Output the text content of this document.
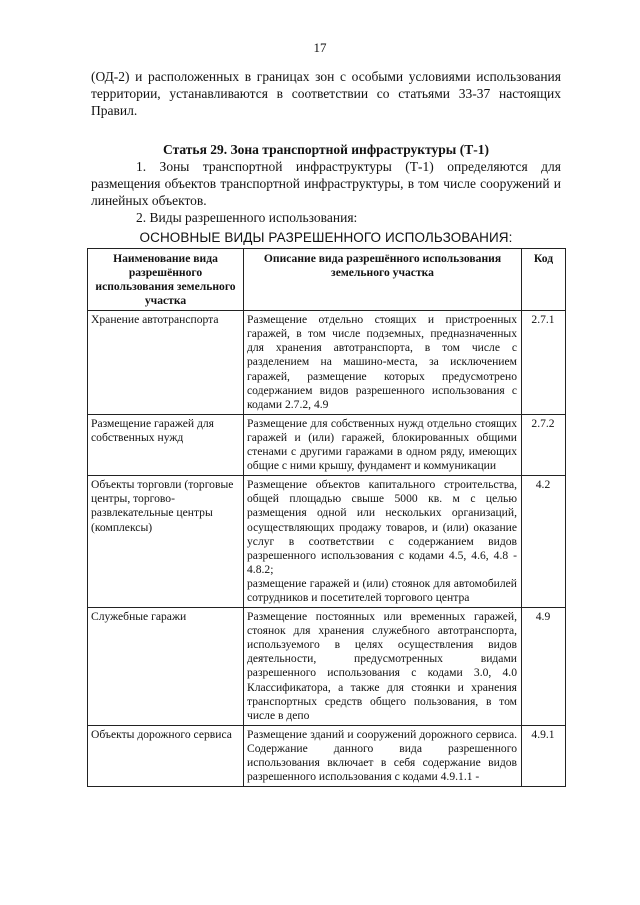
17

(ОД-2) и расположенных в границах зон с особыми условиями использования территории, устанавливаются в соответствии со статьями 33-37 настоящих Правил.

Статья 29. Зона транспортной инфраструктуры (Т-1)

1. Зоны транспортной инфраструктуры (Т-1) определяются для размещения объектов транспортной инфраструктуры, в том числе сооружений и линейных объектов.

2. Виды разрешенного использования:

ОСНОВНЫЕ ВИДЫ РАЗРЕШЕННОГО ИСПОЛЬЗОВАНИЯ:

Наименование вида разрешённого использования земельного участка	Описание вида разрешённого использования земельного участка	Код
Хранение автотранспорта	Размещение отдельно стоящих и пристроенных гаражей, в том числе подземных, предназначенных для хранения автотранспорта, в том числе с разделением на машино-места, за исключением гаражей, размещение которых предусмотрено содержанием видов разрешенного использования с кодами 2.7.2, 4.9	2.7.1
Размещение гаражей для собственных нужд	Размещение для собственных нужд отдельно стоящих гаражей и (или) гаражей, блокированных общими стенами с другими гаражами в одном ряду, имеющих общие с ними крышу, фундамент и коммуникации	2.7.2
Объекты торговли (торговые центры, торгово-развлекательные центры (комплексы)	Размещение объектов капитального строительства, общей площадью свыше 5000 кв. м с целью размещения одной или нескольких организаций, осуществляющих продажу товаров, и (или) оказание услуг в соответствии с содержанием видов разрешенного использования с кодами 4.5, 4.6, 4.8 - 4.8.2;
размещение гаражей и (или) стоянок для автомобилей сотрудников и посетителей торгового центра	4.2
Служебные гаражи	Размещение постоянных или временных гаражей, стоянок для хранения служебного автотранспорта, используемого в целях осуществления видов деятельности, предусмотренных видами разрешенного использования с кодами 3.0, 4.0 Классификатора, а также для стоянки и хранения транспортных средств общего пользования, в том числе в депо	4.9
Объекты дорожного сервиса	Размещение зданий и сооружений дорожного сервиса. Содержание данного вида разрешенного использования включает в себя содержание видов разрешенного использования с кодами 4.9.1.1 -	4.9.1
